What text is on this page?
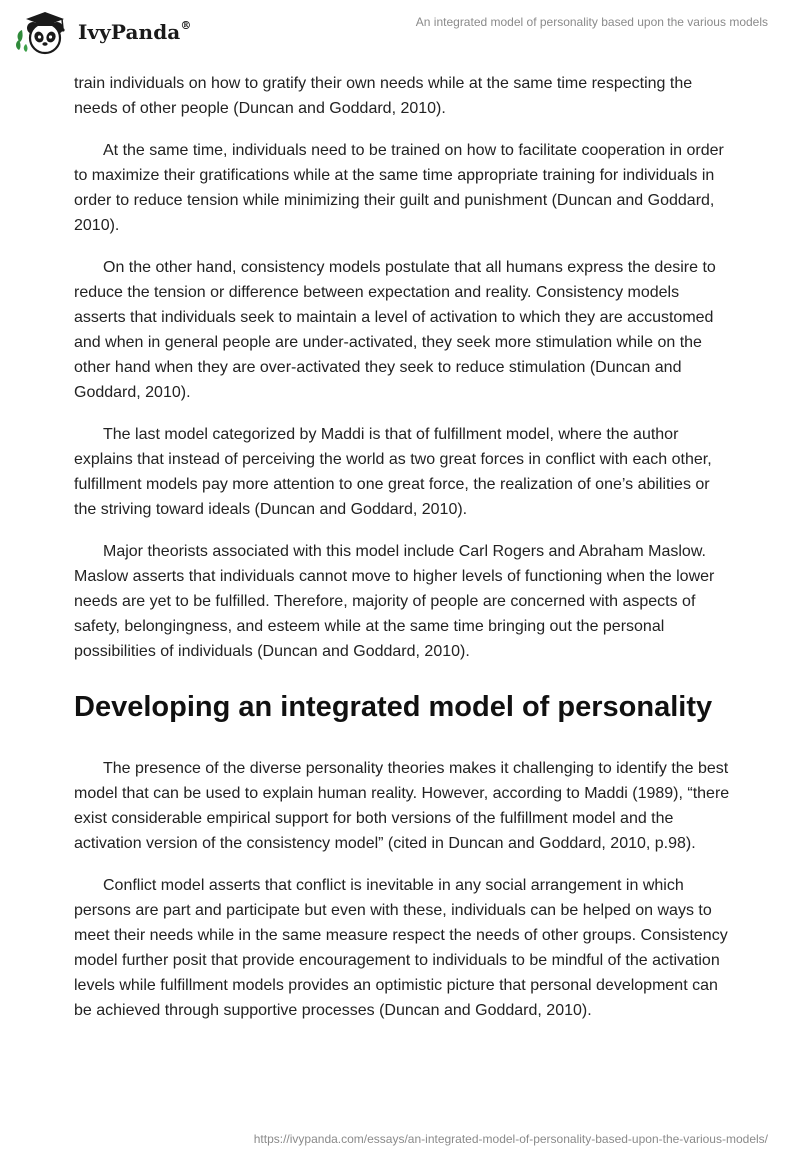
IvyPanda®	An integrated model of personality based upon the various models

train individuals on how to gratify their own needs while at the same time respecting the needs of other people (Duncan and Goddard, 2010).

At the same time, individuals need to be trained on how to facilitate cooperation in order to maximize their gratifications while at the same time appropriate training for individuals in order to reduce tension while minimizing their guilt and punishment (Duncan and Goddard, 2010).

On the other hand, consistency models postulate that all humans express the desire to reduce the tension or difference between expectation and reality. Consistency models asserts that individuals seek to maintain a level of activation to which they are accustomed and when in general people are under-activated, they seek more stimulation while on the other hand when they are over-activated they seek to reduce stimulation (Duncan and Goddard, 2010).

The last model categorized by Maddi is that of fulfillment model, where the author explains that instead of perceiving the world as two great forces in conflict with each other, fulfillment models pay more attention to one great force, the realization of one’s abilities or the striving toward ideals (Duncan and Goddard, 2010).

Major theorists associated with this model include Carl Rogers and Abraham Maslow. Maslow asserts that individuals cannot move to higher levels of functioning when the lower needs are yet to be fulfilled. Therefore, majority of people are concerned with aspects of safety, belongingness, and esteem while at the same time bringing out the personal possibilities of individuals (Duncan and Goddard, 2010).

Developing an integrated model of personality

The presence of the diverse personality theories makes it challenging to identify the best model that can be used to explain human reality. However, according to Maddi (1989), “there exist considerable empirical support for both versions of the fulfillment model and the activation version of the consistency model” (cited in Duncan and Goddard, 2010, p.98).

Conflict model asserts that conflict is inevitable in any social arrangement in which persons are part and participate but even with these, individuals can be helped on ways to meet their needs while in the same measure respect the needs of other groups. Consistency model further posit that provide encouragement to individuals to be mindful of the activation levels while fulfillment models provides an optimistic picture that personal development can be achieved through supportive processes (Duncan and Goddard, 2010).

https://ivypanda.com/essays/an-integrated-model-of-personality-based-upon-the-various-models/
